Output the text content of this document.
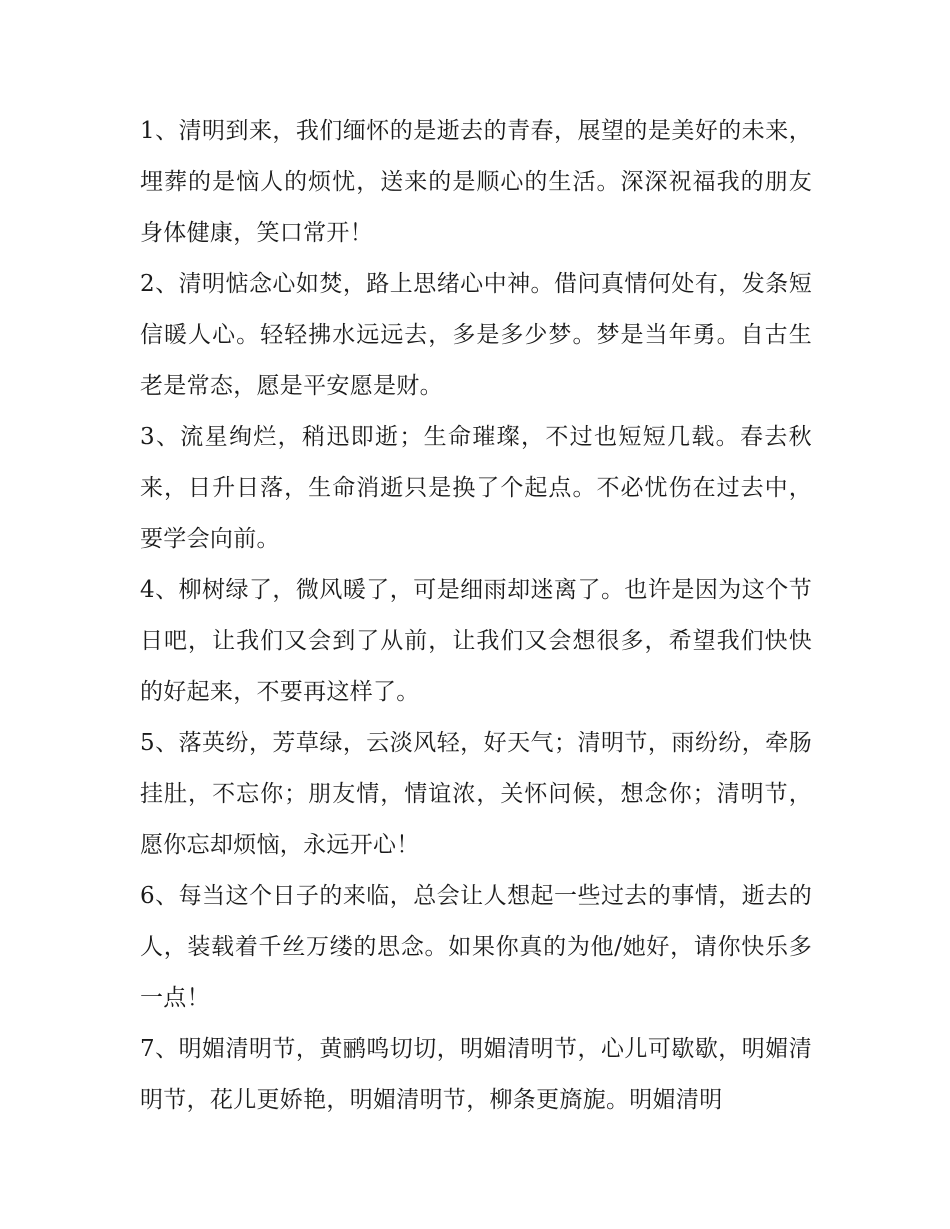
1、清明到来，我们缅怀的是逝去的青春，展望的是美好的未来，埋葬的是恼人的烦忧，送来的是顺心的生活。深深祝福我的朋友身体健康，笑口常开！

2、清明惦念心如焚，路上思绪心中神。借问真情何处有，发条短信暖人心。轻轻拂水远远去，多是多少梦。梦是当年勇。自古生老是常态，愿是平安愿是财。

3、流星绚烂，稍迅即逝；生命璀璨，不过也短短几载。春去秋来，日升日落，生命消逝只是换了个起点。不必忧伤在过去中，要学会向前。

4、柳树绿了，微风暖了，可是细雨却迷离了。也许是因为这个节日吧，让我们又会到了从前，让我们又会想很多，希望我们快快的好起来，不要再这样了。

5、落英纷，芳草绿，云淡风轻，好天气；清明节，雨纷纷，牵肠挂肚，不忘你；朋友情，情谊浓，关怀问候，想念你；清明节，愿你忘却烦恼，永远开心！

6、每当这个日子的来临，总会让人想起一些过去的事情，逝去的人，装载着千丝万缕的思念。如果你真的为他/她好，请你快乐多一点！

7、明媚清明节，黄鹂鸣切切，明媚清明节，心儿可歇歇，明媚清明节，花儿更娇艳，明媚清明节，柳条更旖旎。明媚清明
